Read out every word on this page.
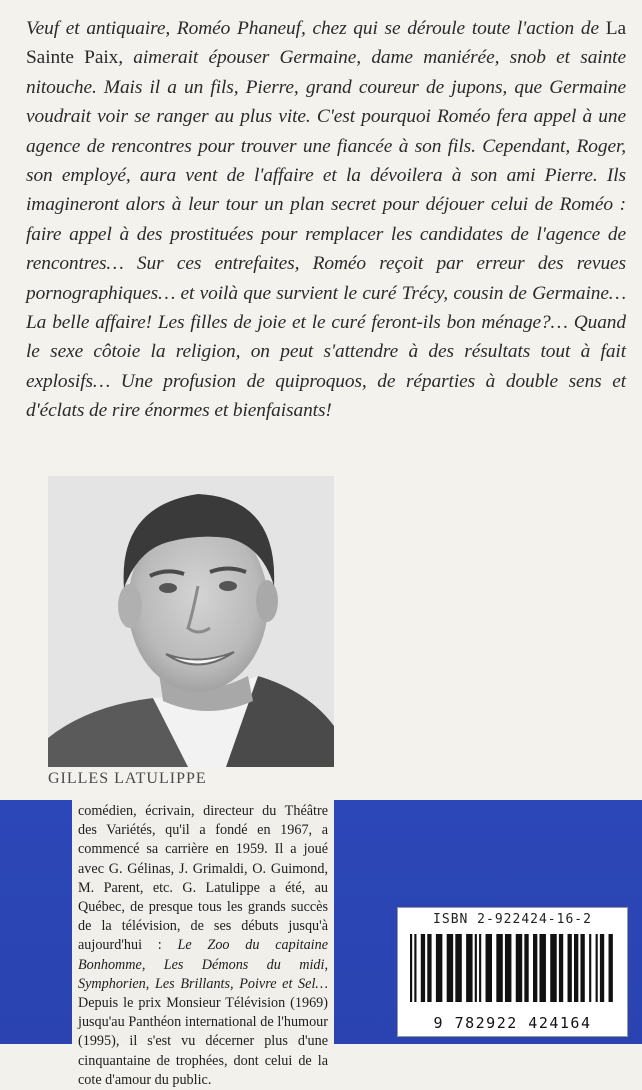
Veuf et antiquaire, Roméo Phaneuf, chez qui se déroule toute l'action de La Sainte Paix, aimerait épouser Germaine, dame maniérée, snob et sainte nitouche. Mais il a un fils, Pierre, grand coureur de jupons, que Germaine voudrait voir se ranger au plus vite. C'est pourquoi Roméo fera appel à une agence de rencontres pour trouver une fiancée à son fils. Cependant, Roger, son employé, aura vent de l'affaire et la dévoilera à son ami Pierre. Ils imagineront alors à leur tour un plan secret pour déjouer celui de Roméo : faire appel à des prostituées pour remplacer les candidates de l'agence de rencontres… Sur ces entrefaites, Roméo reçoit par erreur des revues pornographiques… et voilà que survient le curé Trécy, cousin de Germaine… La belle affaire! Les filles de joie et le curé feront-ils bon ménage?… Quand le sexe côtoie la religion, on peut s'attendre à des résultats tout à fait explosifs… Une profusion de quiproquos, de réparties à double sens et d'éclats de rire énormes et bienfaisants!
GILLES LATULIPPE
comédien, écrivain, directeur du Théâtre des Variétés, qu'il a fondé en 1967, a commencé sa carrière en 1959. Il a joué avec G. Gélinas, J. Grimaldi, O. Guimond, M. Parent, etc. G. Latulippe a été, au Québec, de presque tous les grands succès de la télévision, de ses débuts jusqu'à aujourd'hui : Le Zoo du capitaine Bonhomme, Les Démons du midi, Symphorien, Les Brillants, Poivre et Sel… Depuis le prix Monsieur Télévision (1969) jusqu'au Panthéon international de l'humour (1995), il s'est vu décerner plus d'une cinquantaine de trophées, dont celui de la cote d'amour du public.
ISBN 2-922424-16-2
9 782922 424164
